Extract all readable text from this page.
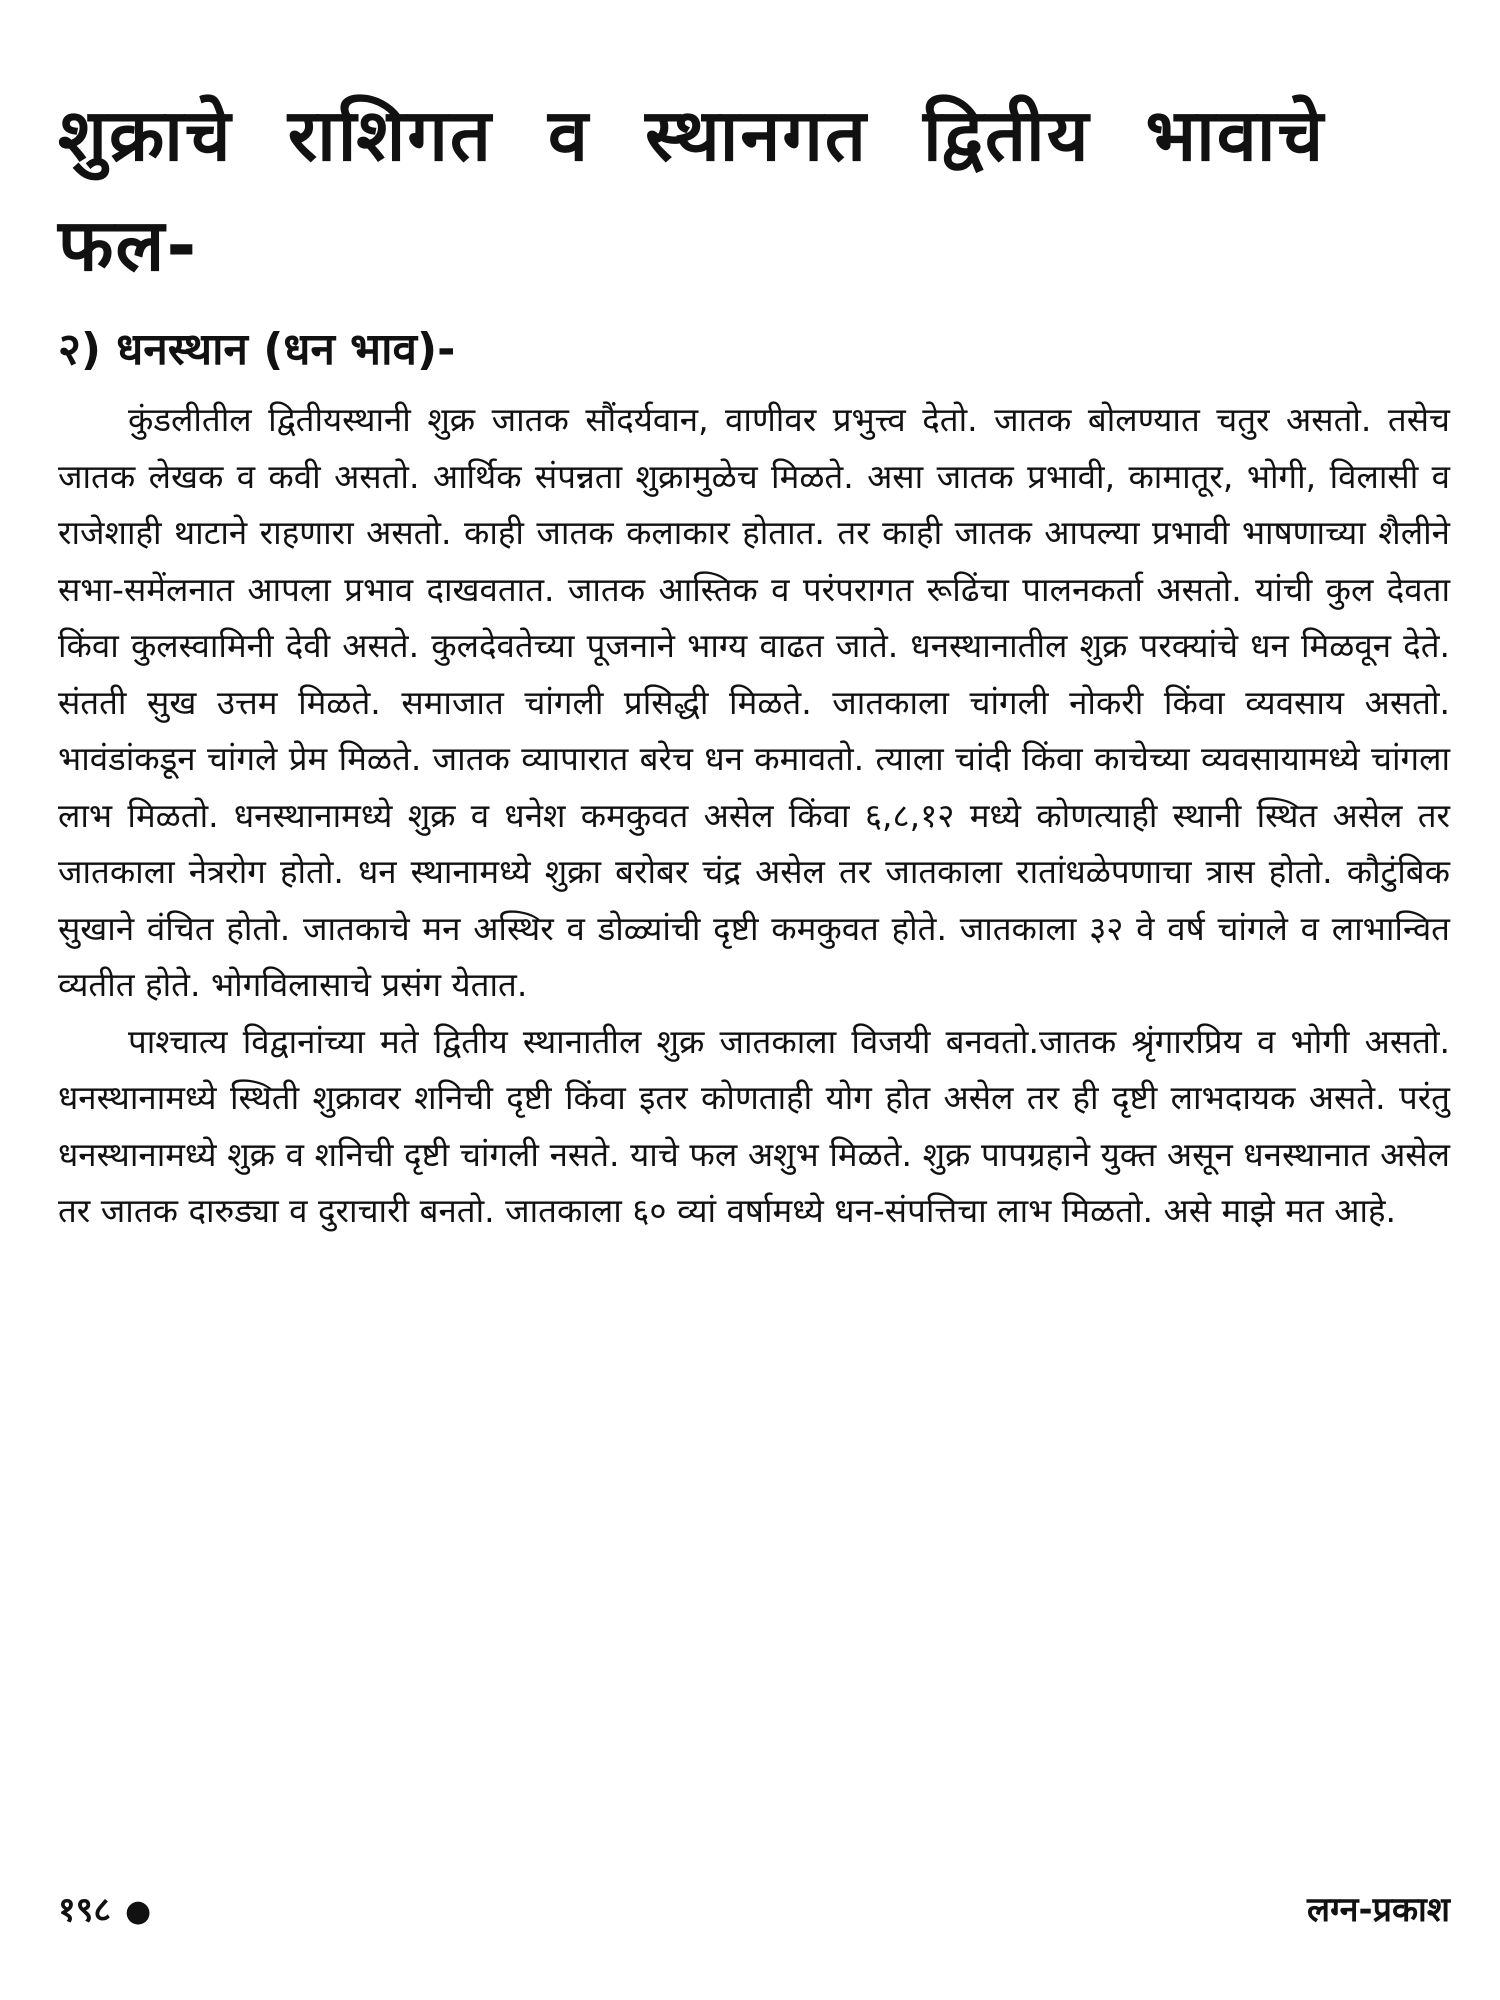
शुक्राचे राशिगत व स्थानगत द्वितीय भावाचे फल-
२) धनस्थान (धन भाव)-

कुंडलीतील द्वितीयस्थानी शुक्र जातक सौंदर्यवान, वाणीवर प्रभुत्त्व देतो. जातक बोलण्यात चतुर असतो. तसेच जातक लेखक व कवी असतो. आर्थिक संपन्नता शुक्रामुळेच मिळते. असा जातक प्रभावी, कामातूर, भोगी, विलासी व राजेशाही थाटाने राहणारा असतो. काही जातक कलाकार होतात. तर काही जातक आपल्या प्रभावी भाषणाच्या शैलीने सभा-समेंलनात आपला प्रभाव दाखवतात. जातक आस्तिक व परंपरागत रूढिंचा पालनकर्ता असतो. यांची कुल देवता किंवा कुलस्वामिनी देवी असते. कुलदेवतेच्या पूजनाने भाग्य वाढत जाते. धनस्थानातील शुक्र परक्यांचे धन मिळवून देते. संतती सुख उत्तम मिळते. समाजात चांगली प्रसिद्धी मिळते. जातकाला चांगली नोकरी किंवा व्यवसाय असतो. भावंडांकडून चांगले प्रेम मिळते. जातक व्यापारात बरेच धन कमावतो. त्याला चांदी किंवा काचेच्या व्यवसायामध्ये चांगला लाभ मिळतो. धनस्थानामध्ये शुक्र व धनेश कमकुवत असेल किंवा ६,८,१२ मध्ये कोणत्याही स्थानी स्थित असेल तर जातकाला नेत्ररोग होतो. धन स्थानामध्ये शुक्रा बरोबर चंद्र असेल तर जातकाला रातांधळेपणाचा त्रास होतो. कौटुंबिक सुखाने वंचित होतो. जातकाचे मन अस्थिर व डोळ्यांची दृष्टी कमकुवत होते. जातकाला ३२ वे वर्ष चांगले व लाभान्वित व्यतीत होते. भोगविलासाचे प्रसंग येतात.

पाश्चात्य विद्वानांच्या मते द्वितीय स्थानातील शुक्र जातकाला विजयी बनवतो.जातक श्रृंगारप्रिय व भोगी असतो. धनस्थानामध्ये स्थिती शुक्रावर शनिची दृष्टी किंवा इतर कोणताही योग होत असेल तर ही दृष्टी लाभदायक असते. परंतु धनस्थानामध्ये शुक्र व शनिची दृष्टी चांगली नसते. याचे फल अशुभ मिळते. शुक्र पापग्रहाने युक्त असून धनस्थानात असेल तर जातक दारुड्या व दुराचारी बनतो. जातकाला ६० व्यां वर्षामध्ये धन-संपत्तिचा लाभ मिळतो. असे माझे मत आहे.

१९८ ●	लग्न-प्रकाश
